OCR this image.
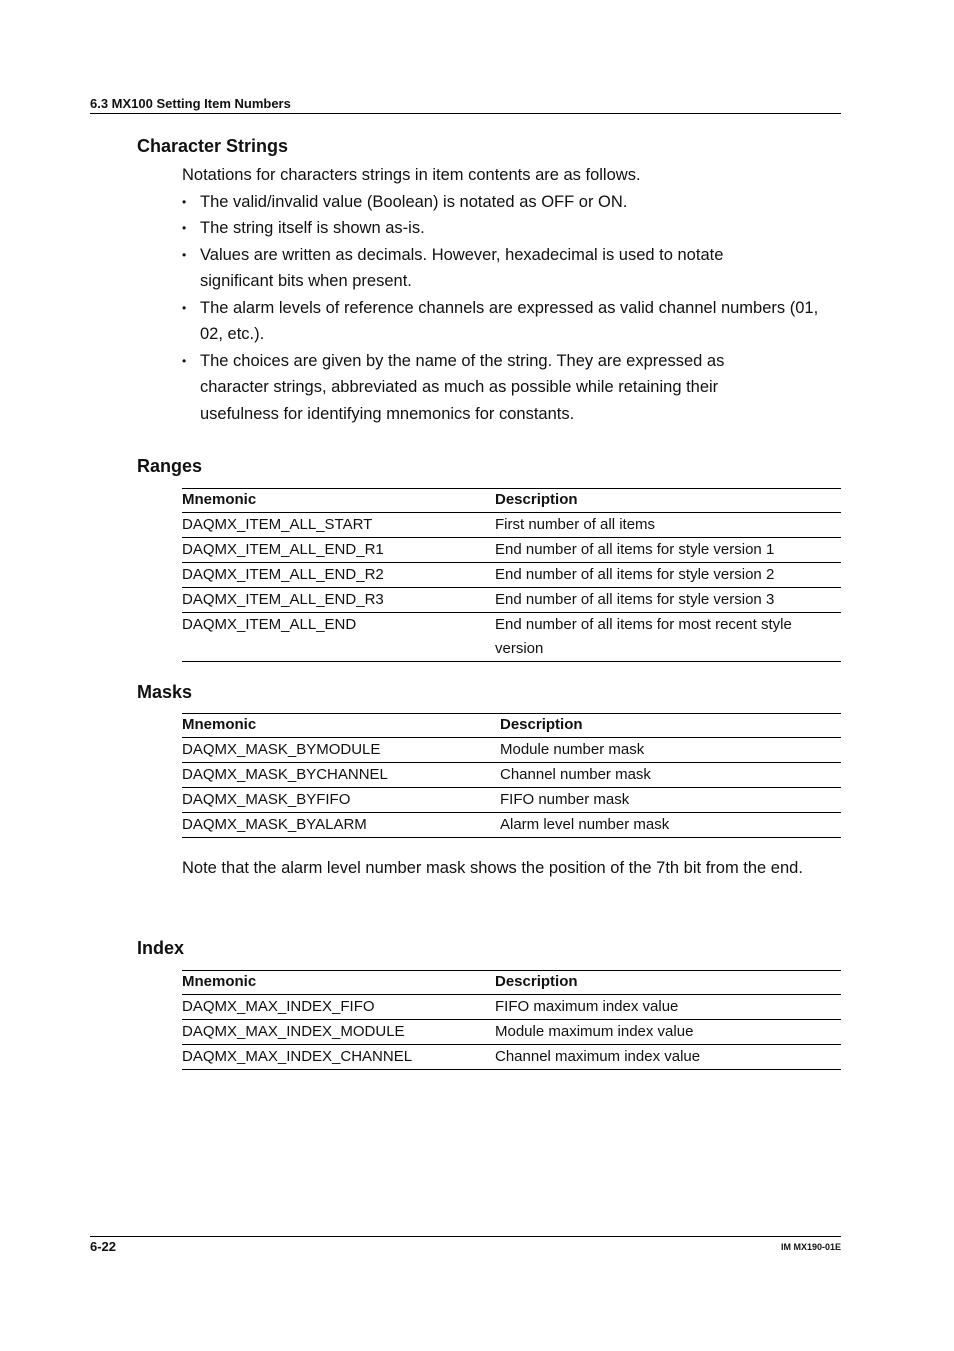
6.3 MX100 Setting Item Numbers
Character Strings

Notations for characters strings in item contents are as follows.

• The valid/invalid value (Boolean) is notated as OFF or ON.
• The string itself is shown as-is.
• Values are written as decimals. However, hexadecimal is used to notate significant bits when present.
• The alarm levels of reference channels are expressed as valid channel numbers (01, 02, etc.).
• The choices are given by the name of the string. They are expressed as character strings, abbreviated as much as possible while retaining their usefulness for identifying mnemonics for constants.
Ranges
Mnemonic	Description
DAQMX_ITEM_ALL_START	First number of all items
DAQMX_ITEM_ALL_END_R1	End number of all items for style version 1
DAQMX_ITEM_ALL_END_R2	End number of all items for style version 2
DAQMX_ITEM_ALL_END_R3	End number of all items for style version 3
DAQMX_ITEM_ALL_END	End number of all items for most recent style version
Masks
Mnemonic	Description
DAQMX_MASK_BYMODULE	Module number mask
DAQMX_MASK_BYCHANNEL	Channel number mask
DAQMX_MASK_BYFIFO	FIFO number mask
DAQMX_MASK_BYALARM	Alarm level number mask
Note that the alarm level number mask shows the position of the 7th bit from the end.
Index
Mnemonic	Description
DAQMX_MAX_INDEX_FIFO	FIFO maximum index value
DAQMX_MAX_INDEX_MODULE	Module maximum index value
DAQMX_MAX_INDEX_CHANNEL	Channel maximum index value
6-22	IM MX190-01E
